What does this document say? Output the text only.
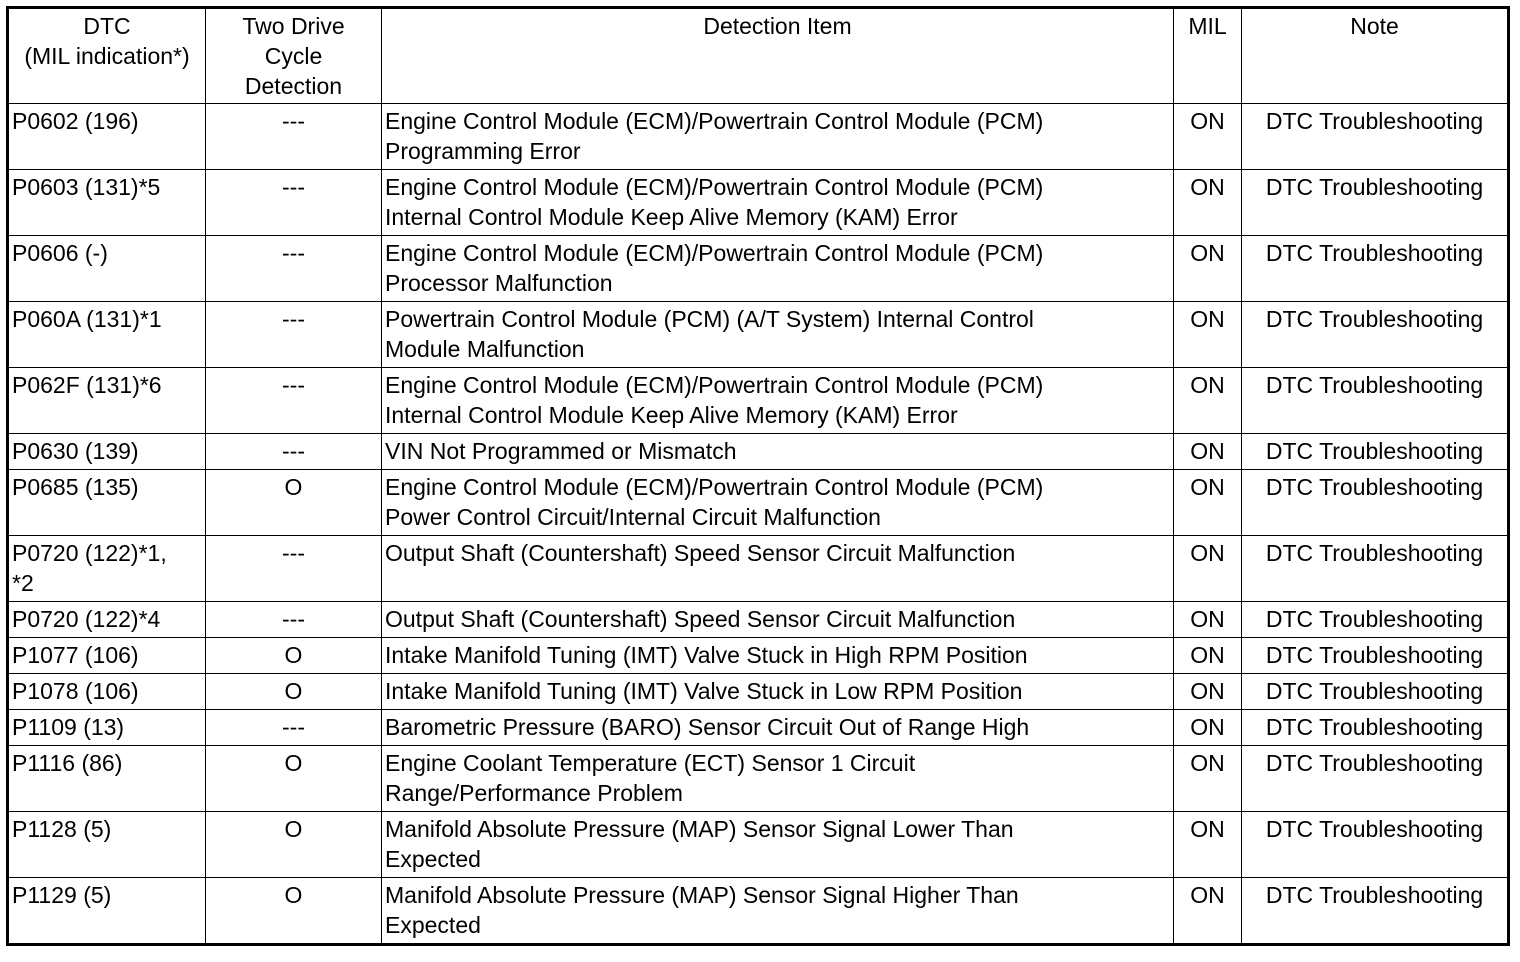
DTC
(MIL indication*)	Two Drive
Cycle
Detection	Detection Item	MIL	Note
P0602 (196)	---	Engine Control Module (ECM)/Powertrain Control Module (PCM)
Programming Error	ON	DTC Troubleshooting
P0603 (131)*5	---	Engine Control Module (ECM)/Powertrain Control Module (PCM)
Internal Control Module Keep Alive Memory (KAM) Error	ON	DTC Troubleshooting
P0606 (-)	---	Engine Control Module (ECM)/Powertrain Control Module (PCM)
Processor Malfunction	ON	DTC Troubleshooting
P060A (131)*1	---	Powertrain Control Module (PCM) (A/T System) Internal Control
Module Malfunction	ON	DTC Troubleshooting
P062F (131)*6	---	Engine Control Module (ECM)/Powertrain Control Module (PCM)
Internal Control Module Keep Alive Memory (KAM) Error	ON	DTC Troubleshooting
P0630 (139)	---	VIN Not Programmed or Mismatch	ON	DTC Troubleshooting
P0685 (135)	O	Engine Control Module (ECM)/Powertrain Control Module (PCM)
Power Control Circuit/Internal Circuit Malfunction	ON	DTC Troubleshooting
P0720 (122)*1,
*2	---	Output Shaft (Countershaft) Speed Sensor Circuit Malfunction	ON	DTC Troubleshooting
P0720 (122)*4	---	Output Shaft (Countershaft) Speed Sensor Circuit Malfunction	ON	DTC Troubleshooting
P1077 (106)	O	Intake Manifold Tuning (IMT) Valve Stuck in High RPM Position	ON	DTC Troubleshooting
P1078 (106)	O	Intake Manifold Tuning (IMT) Valve Stuck in Low RPM Position	ON	DTC Troubleshooting
P1109 (13)	---	Barometric Pressure (BARO) Sensor Circuit Out of Range High	ON	DTC Troubleshooting
P1116 (86)	O	Engine Coolant Temperature (ECT) Sensor 1 Circuit
Range/Performance Problem	ON	DTC Troubleshooting
P1128 (5)	O	Manifold Absolute Pressure (MAP) Sensor Signal Lower Than
Expected	ON	DTC Troubleshooting
P1129 (5)	O	Manifold Absolute Pressure (MAP) Sensor Signal Higher Than
Expected	ON	DTC Troubleshooting
